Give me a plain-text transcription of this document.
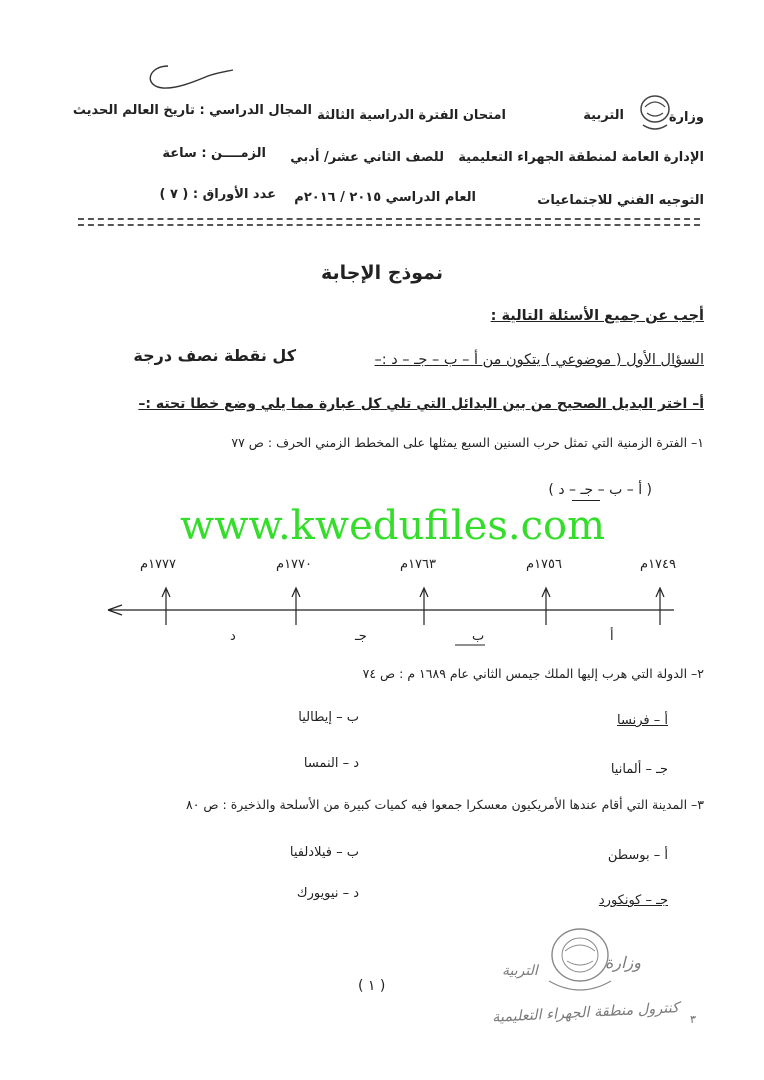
وزارة
التربية
امتحان الفترة الدراسية الثالثة
المجال الدراسي : تاريخ العالم الحديث
الإدارة العامة لمنطقة الجهراء التعليمية
للصف الثاني عشر/ أدبي
الزمــــن : ساعة
التوجيه الفني للاجتماعيات
العام الدراسي ٢٠١٥ / ٢٠١٦م
عدد الأوراق : ( ٧ )
نموذج الإجابة
أجب عن جميع الأسئلة التالية :
السؤال الأول ( موضوعي ) يتكون من أ – ب – جـ – د :–
كل نقطة نصف درجة
أ– اختر البديل الصحيح من بين البدائل التي تلي كل عبارة مما يلي وضع خطا تحته :–
١– الفترة الزمنية التي تمثل حرب السنين السبع يمثلها على المخطط الزمني الحرف : ص ٧٧
( أ – ب – جـ – د )
www.kwedufiles.com
١٧٧٧م	١٧٧٠م	١٧٦٣م	١٧٥٦م	١٧٤٩م
د	جـ	ب	أ
٢– الدولة التي هرب إليها الملك جيمس الثاني عام ١٦٨٩ م : ص ٧٤
أ – فرنسا
ب – إيطاليا
جـ – ألمانيا
د – النمسا
٣– المدينة التي أقام عندها الأمريكيون معسكرا جمعوا فيه كميات كبيرة من الأسلحة والذخيرة : ص ٨٠
أ – بوسطن
ب – فيلادلفيا
جـ – كونكورد
د – نيويورك
( ١ )
وزارة
التربية
كنترول منطقة الجهراء التعليمية ٣
